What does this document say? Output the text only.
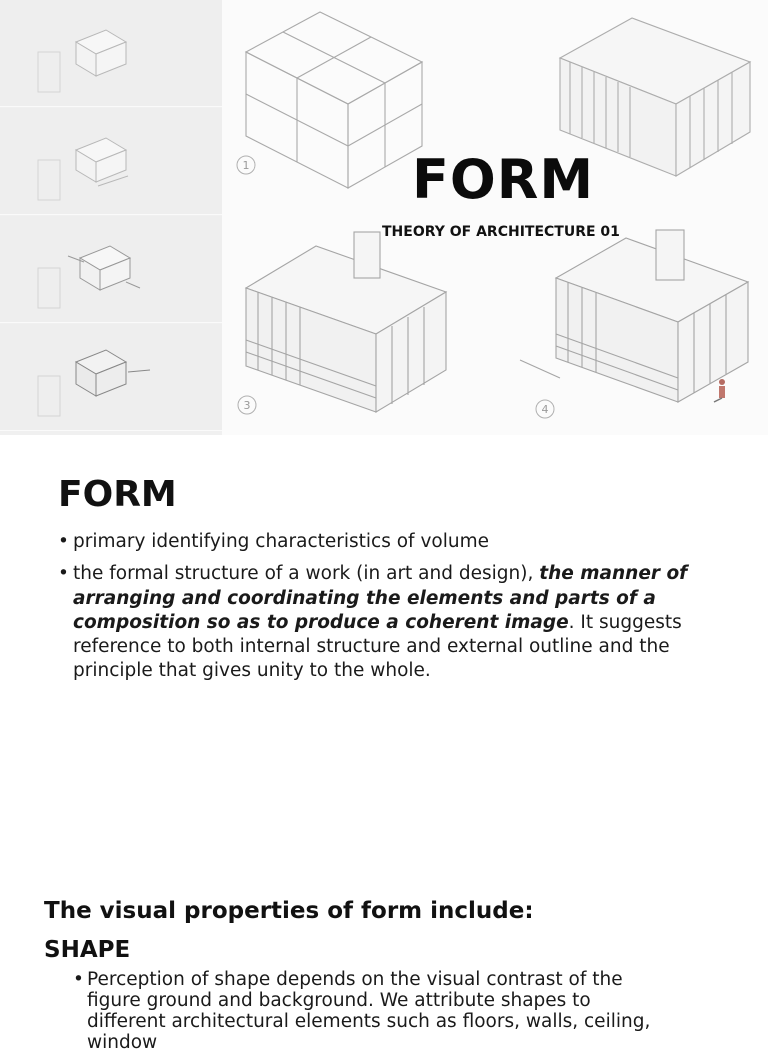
1
3	4
FORM

THEORY OF ARCHITECTURE 01

FORM
• primary identifying characteristics of volume
• the formal structure of a work (in art and design), the manner of arranging and coordinating the elements and parts of a composition so as to produce a coherent image. It suggests reference to both internal structure and external outline and the principle that gives unity to the whole.
The visual properties of form include:
SHAPE
• Perception of shape depends on the visual contrast of the figure ground and background. We attribute shapes to different architectural elements such as floors, walls, ceiling, window
